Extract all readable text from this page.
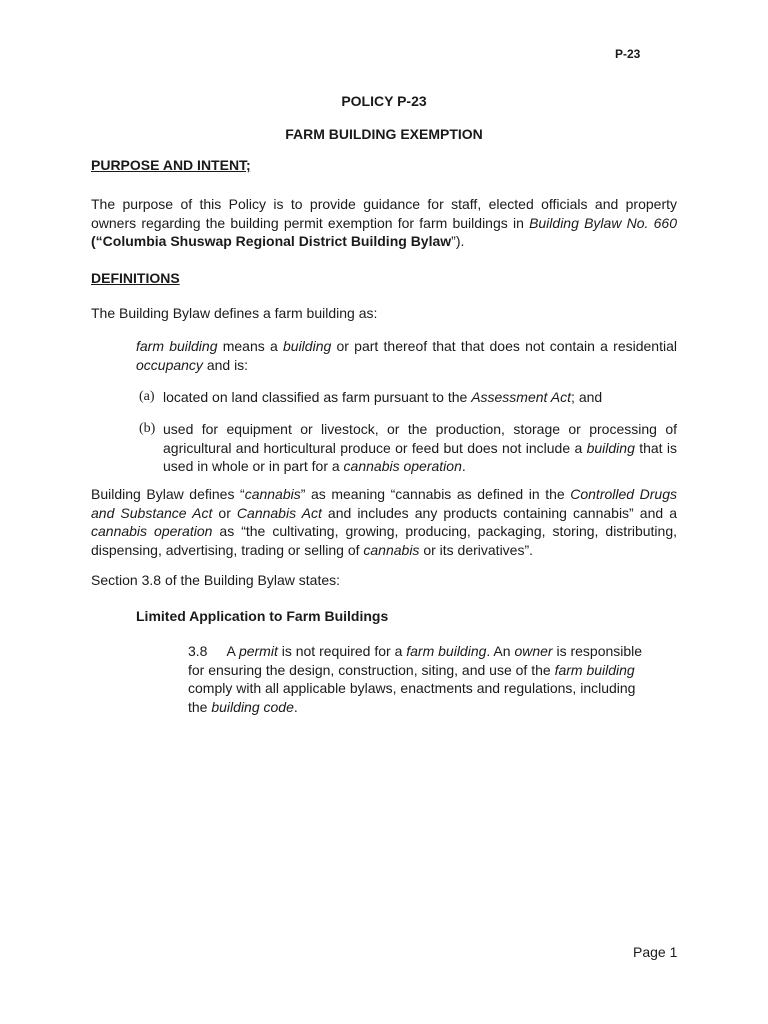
P-23
POLICY P-23
FARM BUILDING EXEMPTION
PURPOSE AND INTENT;
The purpose of this Policy is to provide guidance for staff, elected officials and property owners regarding the building permit exemption for farm buildings in Building Bylaw No. 660 (“Columbia Shuswap Regional District Building Bylaw”).
DEFINITIONS
The Building Bylaw defines a farm building as:
farm building means a building or part thereof that that does not contain a residential occupancy and is:
(a) located on land classified as farm pursuant to the Assessment Act; and
(b) used for equipment or livestock, or the production, storage or processing of agricultural and horticultural produce or feed but does not include a building that is used in whole or in part for a cannabis operation.
Building Bylaw defines “cannabis” as meaning “cannabis as defined in the Controlled Drugs and Substance Act or Cannabis Act and includes any products containing cannabis” and a cannabis operation as “the cultivating, growing, producing, packaging, storing, distributing, dispensing, advertising, trading or selling of cannabis or its derivatives”.
Section 3.8 of the Building Bylaw states:
Limited Application to Farm Buildings
3.8 A permit is not required for a farm building. An owner is responsible for ensuring the design, construction, siting, and use of the farm building comply with all applicable bylaws, enactments and regulations, including the building code.
Page 1
